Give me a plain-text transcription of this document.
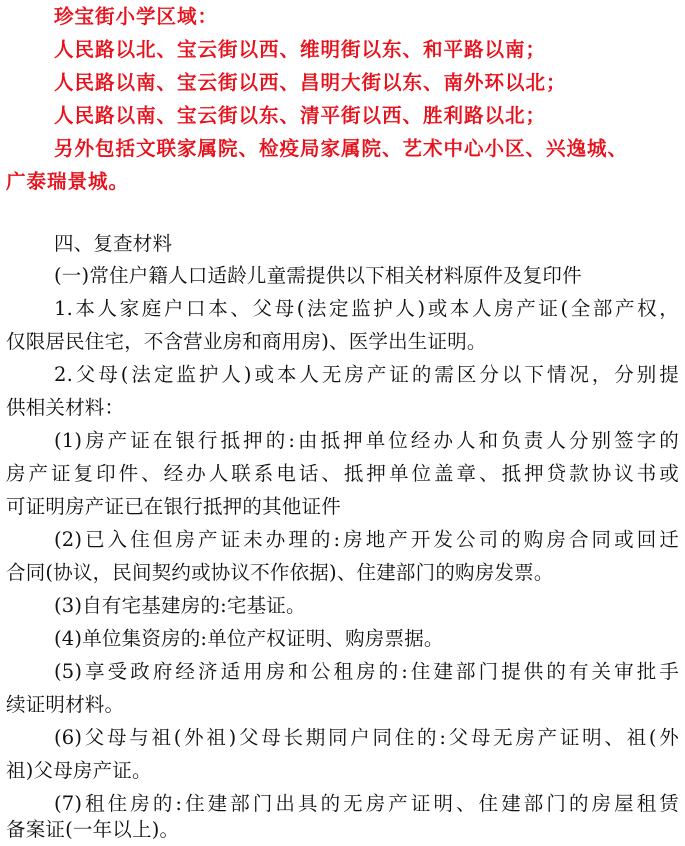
珍宝街小学区域：
人民路以北、宝云街以西、维明街以东、和平路以南；
人民路以南、宝云街以西、昌明大街以东、南外环以北；
人民路以南、宝云街以东、清平街以西、胜利路以北；
另外包括文联家属院、检疫局家属院、艺术中心小区、兴逸城、
广泰瑞景城。
四、复查材料
(一)常住户籍人口适龄儿童需提供以下相关材料原件及复印件
1.本人家庭户口本、父母(法定监护人)或本人房产证(全部产权，
仅限居民住宅，不含营业房和商用房)、医学出生证明。
2.父母(法定监护人)或本人无房产证的需区分以下情况，分别提
供相关材料：
(1)房产证在银行抵押的:由抵押单位经办人和负责人分别签字的
房产证复印件、经办人联系电话、抵押单位盖章、抵押贷款协议书或
可证明房产证已在银行抵押的其他证件
(2)已入住但房产证未办理的:房地产开发公司的购房合同或回迁
合同(协议，民间契约或协议不作依据)、住建部门的购房发票。
(3)自有宅基建房的:宅基证。
(4)单位集资房的:单位产权证明、购房票据。
(5)享受政府经济适用房和公租房的:住建部门提供的有关审批手
续证明材料。
(6)父母与祖(外祖)父母长期同户同住的:父母无房产证明、祖(外
祖)父母房产证。
(7)租住房的:住建部门出具的无房产证明、住建部门的房屋租赁
备案证(一年以上)。
